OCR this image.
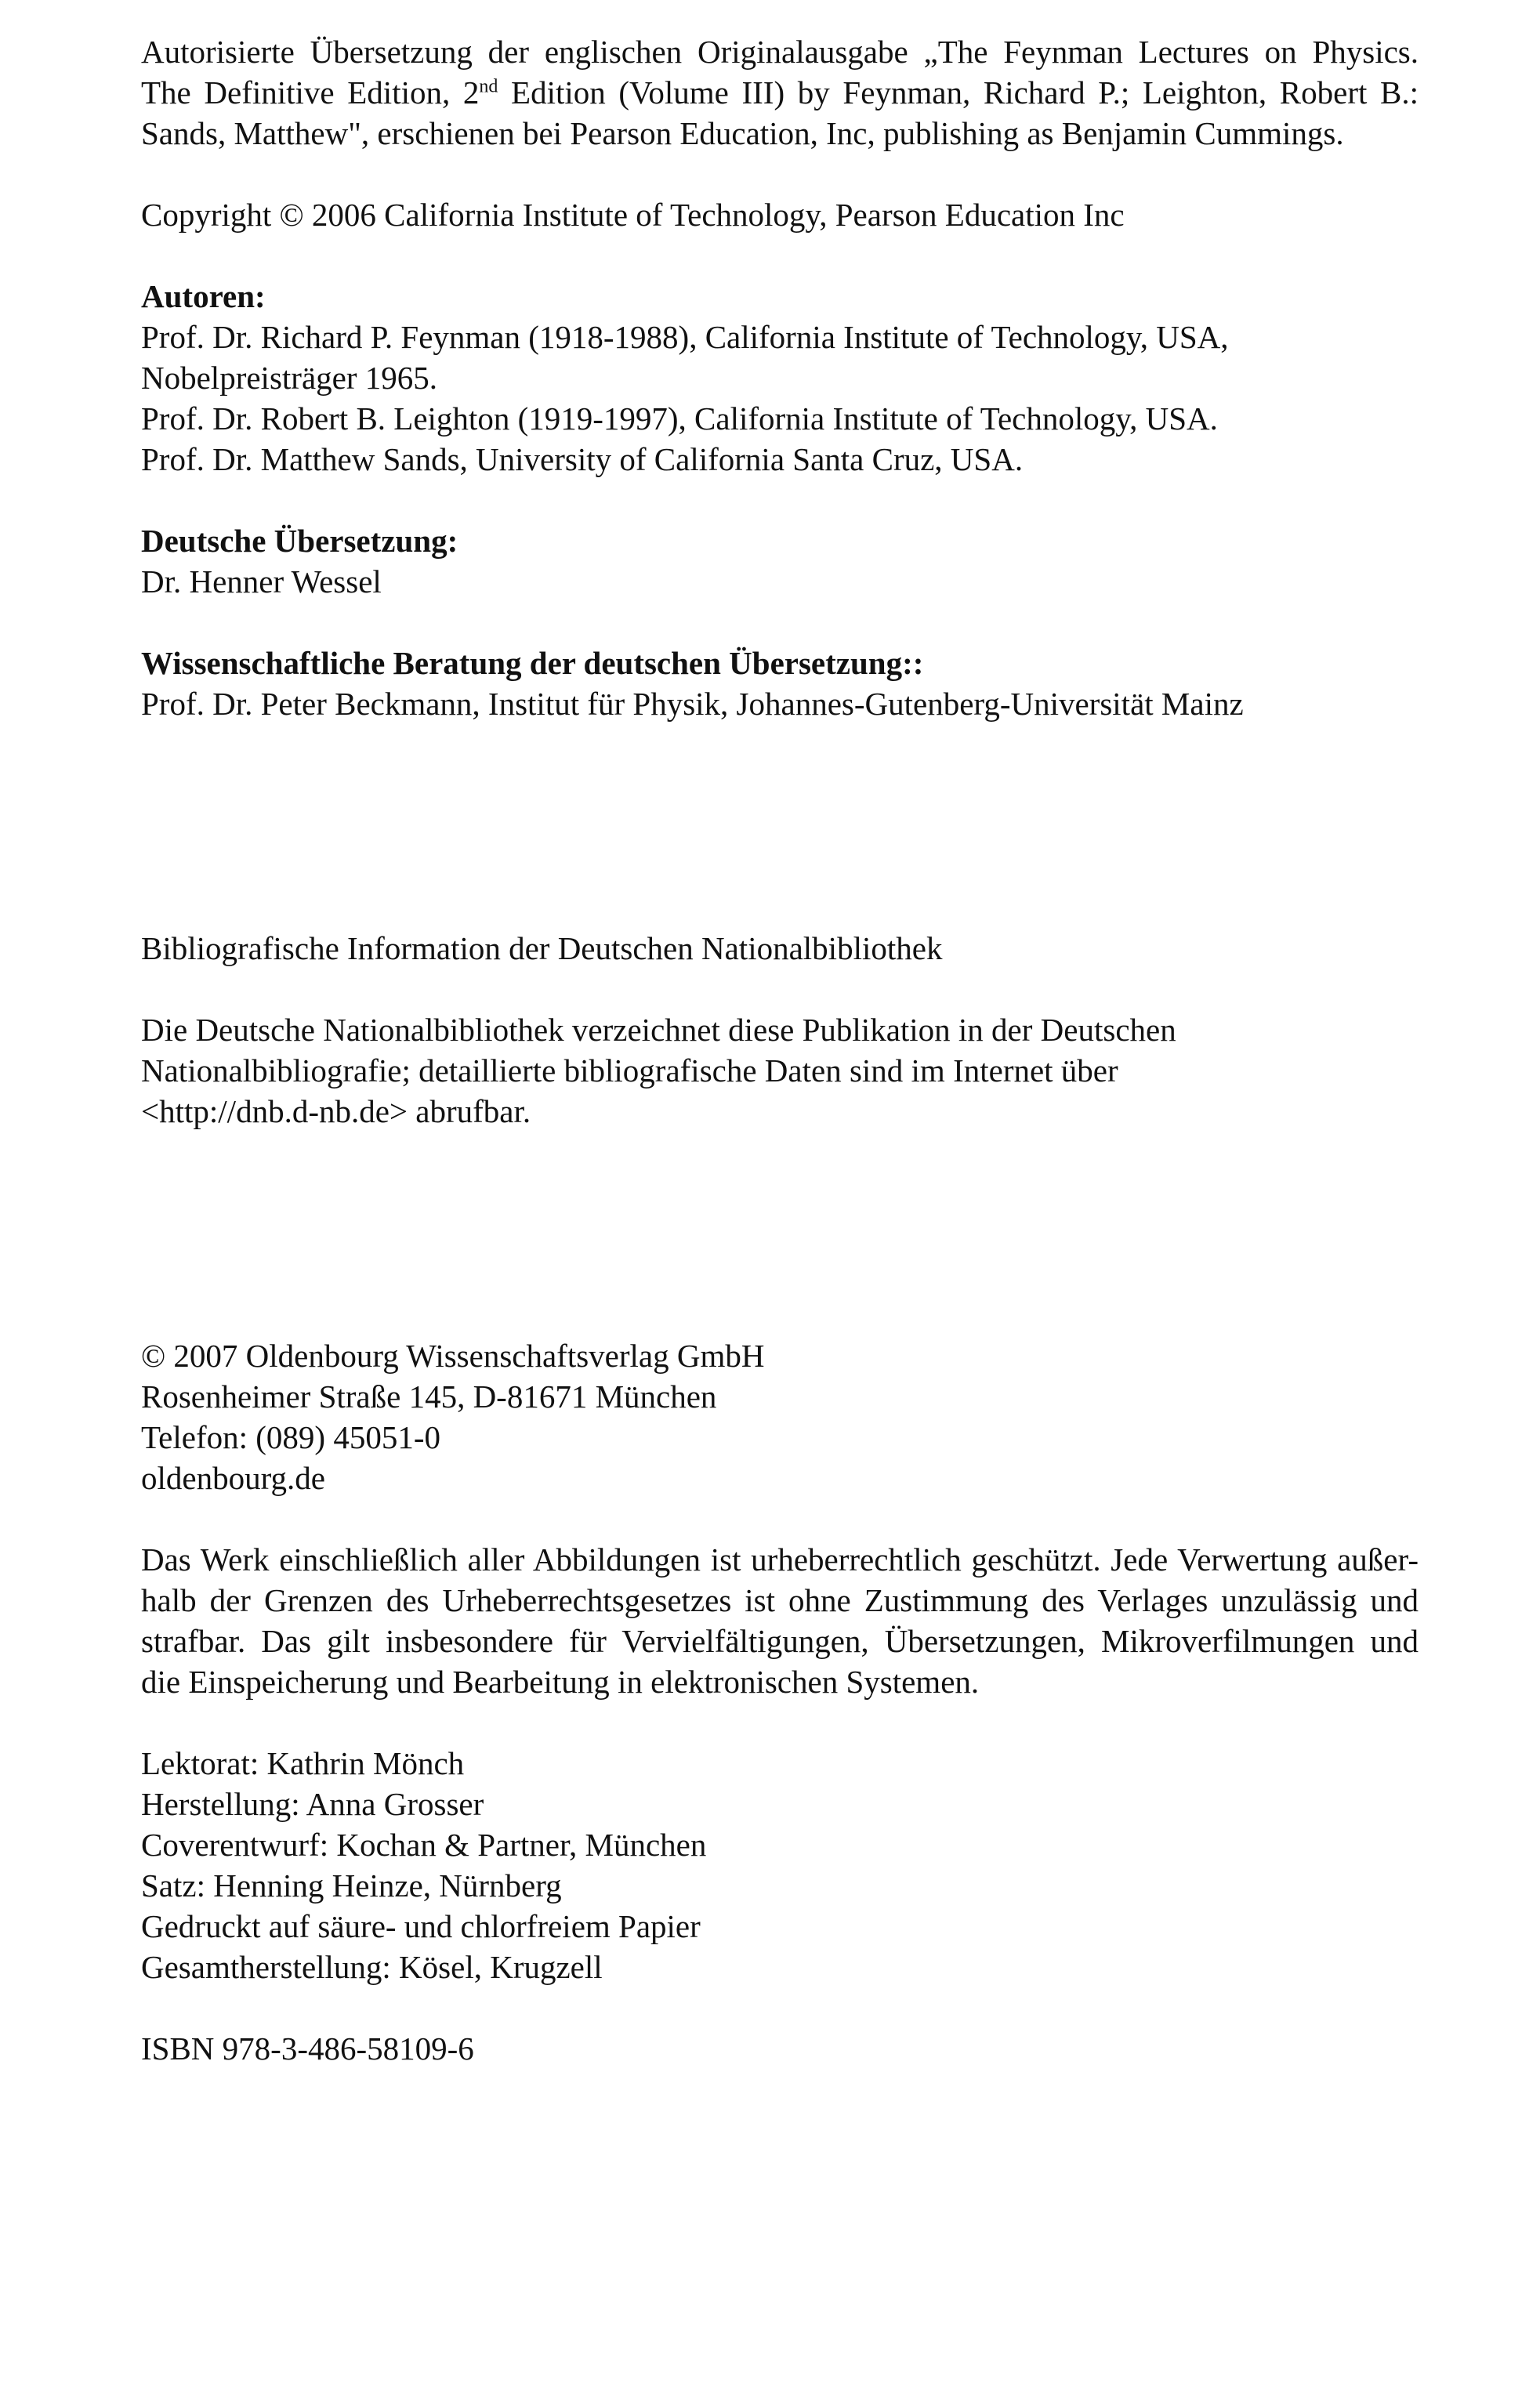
Autorisierte Übersetzung der englischen Originalausgabe „The Feynman Lectures on Physics.
The Definitive Edition, 2nd Edition (Volume III) by Feynman, Richard P.; Leighton, Robert B.:
Sands, Matthew", erschienen bei Pearson Education, Inc, publishing as Benjamin Cummings.

Copyright © 2006 California Institute of Technology, Pearson Education Inc

Autoren:
Prof. Dr. Richard P. Feynman (1918-1988), California Institute of Technology, USA,
Nobelpreisträger 1965.
Prof. Dr. Robert B. Leighton (1919-1997), California Institute of Technology, USA.
Prof. Dr. Matthew Sands, University of California Santa Cruz, USA.
Deutsche Übersetzung:
Dr. Henner Wessel
Wissenschaftliche Beratung der deutschen Übersetzung::
Prof. Dr. Peter Beckmann, Institut für Physik, Johannes-Gutenberg-Universität Mainz

Bibliografische Information der Deutschen Nationalbibliothek

Die Deutsche Nationalbibliothek verzeichnet diese Publikation in der Deutschen
Nationalbibliografie; detaillierte bibliografische Daten sind im Internet über
<http://dnb.d-nb.de> abrufbar.
© 2007 Oldenbourg Wissenschaftsverlag GmbH
Rosenheimer Straße 145, D-81671 München
Telefon: (089) 45051-0
oldenbourg.de
Das Werk einschließlich aller Abbildungen ist urheberrechtlich geschützt. Jede Verwertung außer-
halb der Grenzen des Urheberrechtsgesetzes ist ohne Zustimmung des Verlages unzulässig und
strafbar. Das gilt insbesondere für Vervielfältigungen, Übersetzungen, Mikroverfilmungen und
die Einspeicherung und Bearbeitung in elektronischen Systemen.
Lektorat: Kathrin Mönch
Herstellung: Anna Grosser
Coverentwurf: Kochan & Partner, München
Satz: Henning Heinze, Nürnberg
Gedruckt auf säure- und chlorfreiem Papier
Gesamtherstellung: Kösel, Krugzell

ISBN 978-3-486-58109-6
